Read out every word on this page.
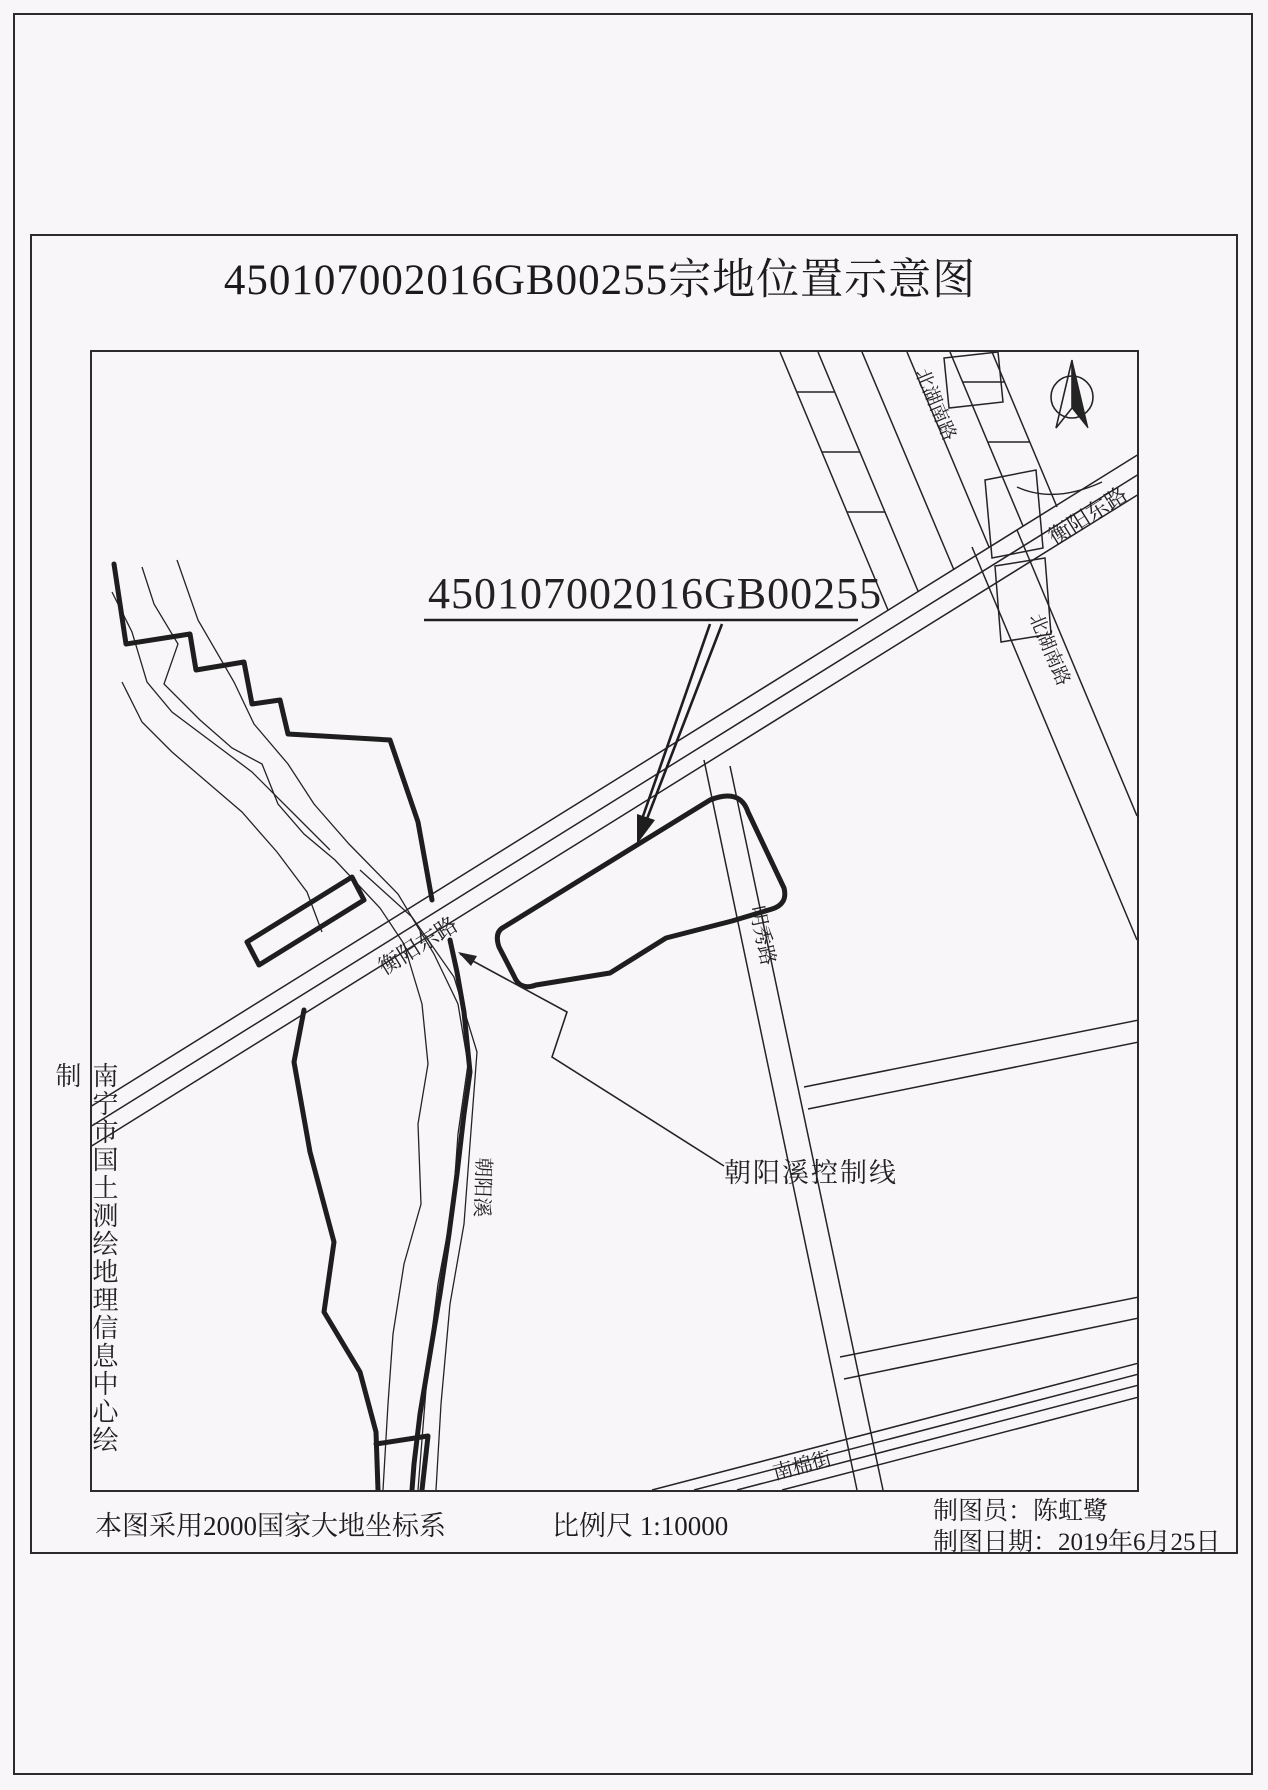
450107002016GB00255宗地位置示意图
南宁市国土测绘地理信息中心绘制
北湖南路
北湖南路
衡阳东路
衡阳东路
明秀路
南棉街
朝阳溪
450107002016GB00255
朝阳溪控制线
本图采用2000国家大地坐标系	比例尺 1:10000	制图员：陈虹鹭
制图日期：2019年6月25日
